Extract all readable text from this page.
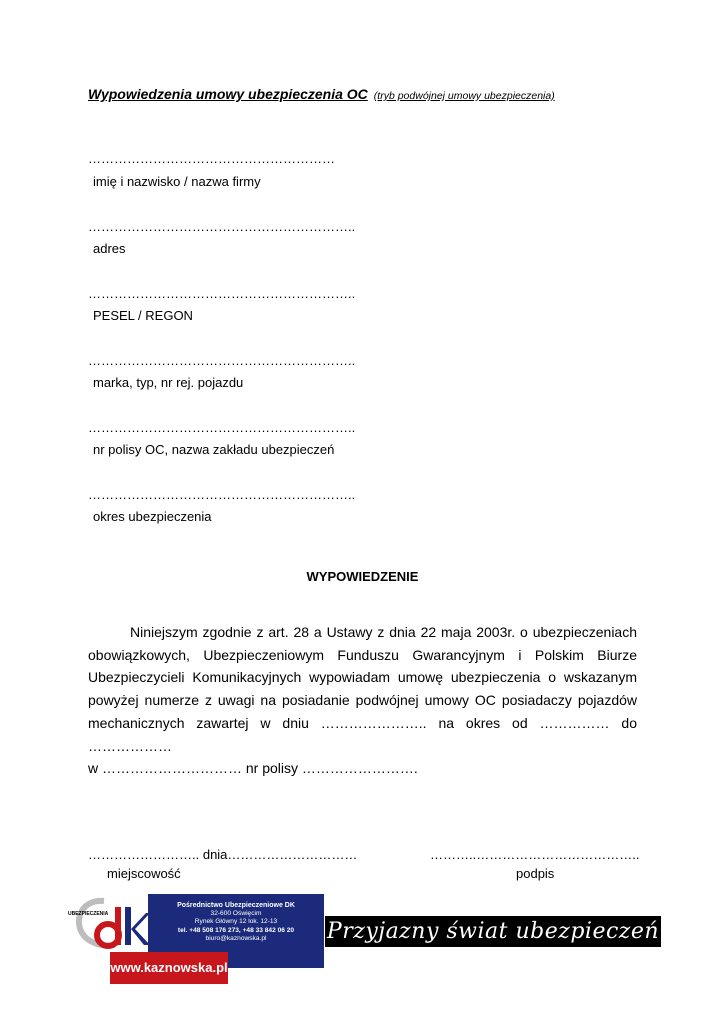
Wypowiedzenia umowy ubezpieczenia OC (tryb podwójnej umowy ubezpieczenia)
…………………………………………………
imię i nazwisko / nazwa firmy
……………………………………………………..
adres
……………………………………………………..
PESEL / REGON
……………………………………………………..
marka, typ, nr rej. pojazdu
……………………………………………………..
nr polisy OC, nazwa zakładu ubezpieczeń
……………………………………………………..
okres ubezpieczenia
WYPOWIEDZENIE
Niniejszym zgodnie z art. 28 a Ustawy z dnia 22 maja 2003r. o ubezpieczeniach
obowiązkowych, Ubezpieczeniowym Funduszu Gwarancyjnym i Polskim Biurze
Ubezpieczycieli Komunikacyjnych wypowiadam umowę ubezpieczenia o wskazanym
powyżej numerze z uwagi na posiadanie podwójnej umowy OC posiadaczy pojazdów
mechanicznych zawartej w dniu ………………….. na okres od …………… do ………………
w ………………………… nr polisy …………………….
…………………….. dnia…………………………
miejscowość
………..………………………………..
podpis
UBEZPIECZENIA
Pośrednictwo Ubezpieczeniowe DK
32-600 Oświęcim
Rynek Główny 12 lok. 12-13
tel. +48 508 176 273, +48 33 842 06 20
biuro@kaznowska.pl
www.kaznowska.pl
Przyjazny świat ubezpieczeń
